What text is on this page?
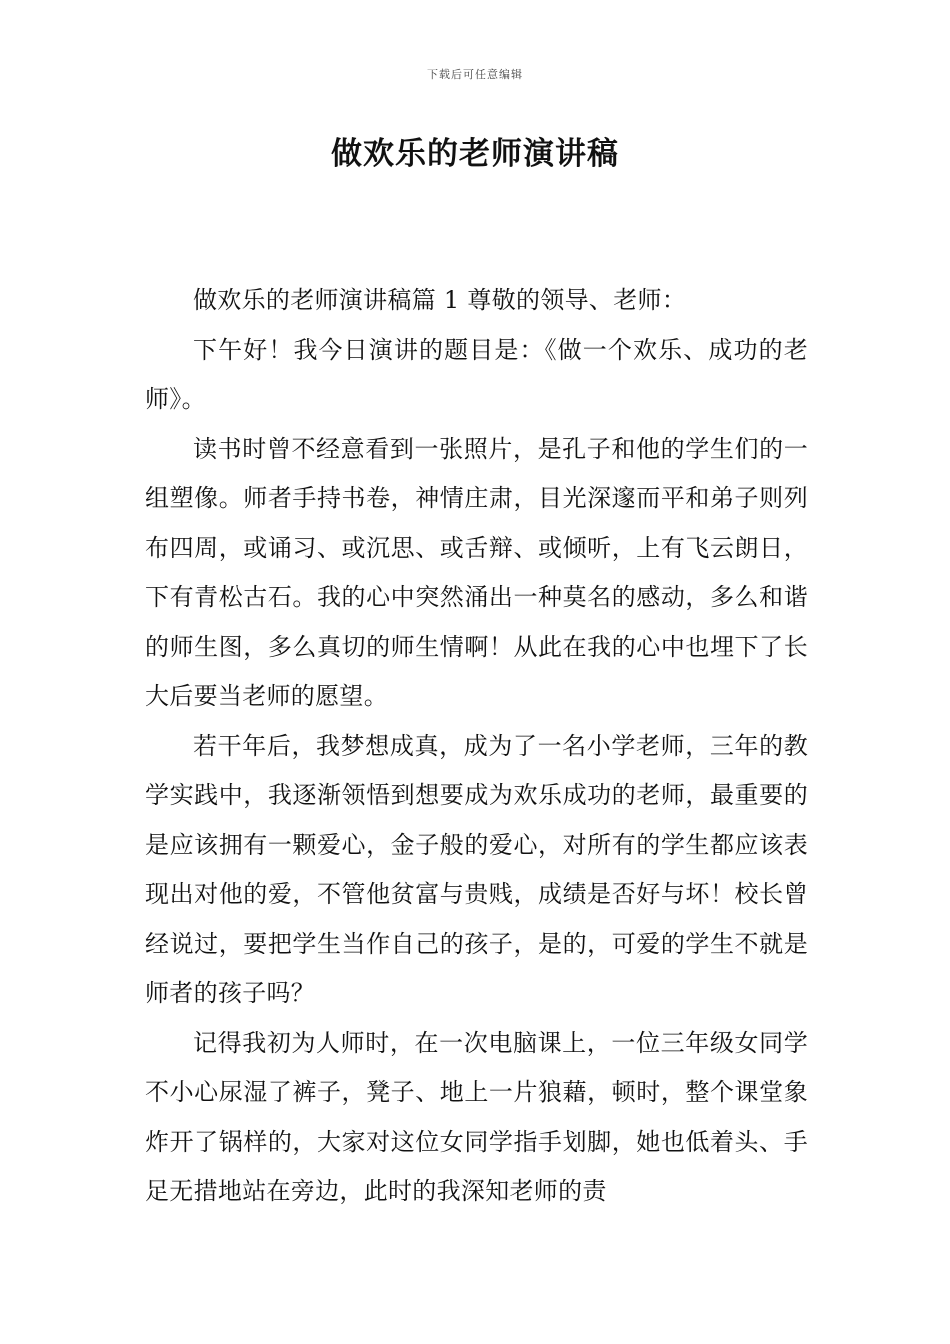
下载后可任意编辑
做欢乐的老师演讲稿

做欢乐的老师演讲稿篇 1 尊敬的领导、老师：

下午好！我今日演讲的题目是：《做一个欢乐、成功的老师》。

读书时曾不经意看到一张照片，是孔子和他的学生们的一组塑像。师者手持书卷，神情庄肃，目光深邃而平和弟子则列布四周，或诵习、或沉思、或舌辩、或倾听，上有飞云朗日，下有青松古石。我的心中突然涌出一种莫名的感动，多么和谐的师生图，多么真切的师生情啊！从此在我的心中也埋下了长大后要当老师的愿望。

若干年后，我梦想成真，成为了一名小学老师，三年的教学实践中，我逐渐领悟到想要成为欢乐成功的老师，最重要的是应该拥有一颗爱心，金子般的爱心，对所有的学生都应该表现出对他的爱，不管他贫富与贵贱，成绩是否好与坏！校长曾经说过，要把学生当作自己的孩子，是的，可爱的学生不就是师者的孩子吗？

记得我初为人师时，在一次电脑课上，一位三年级女同学不小心尿湿了裤子，凳子、地上一片狼藉，顿时，整个课堂象炸开了锅样的，大家对这位女同学指手划脚，她也低着头、手足无措地站在旁边，此时的我深知老师的责
